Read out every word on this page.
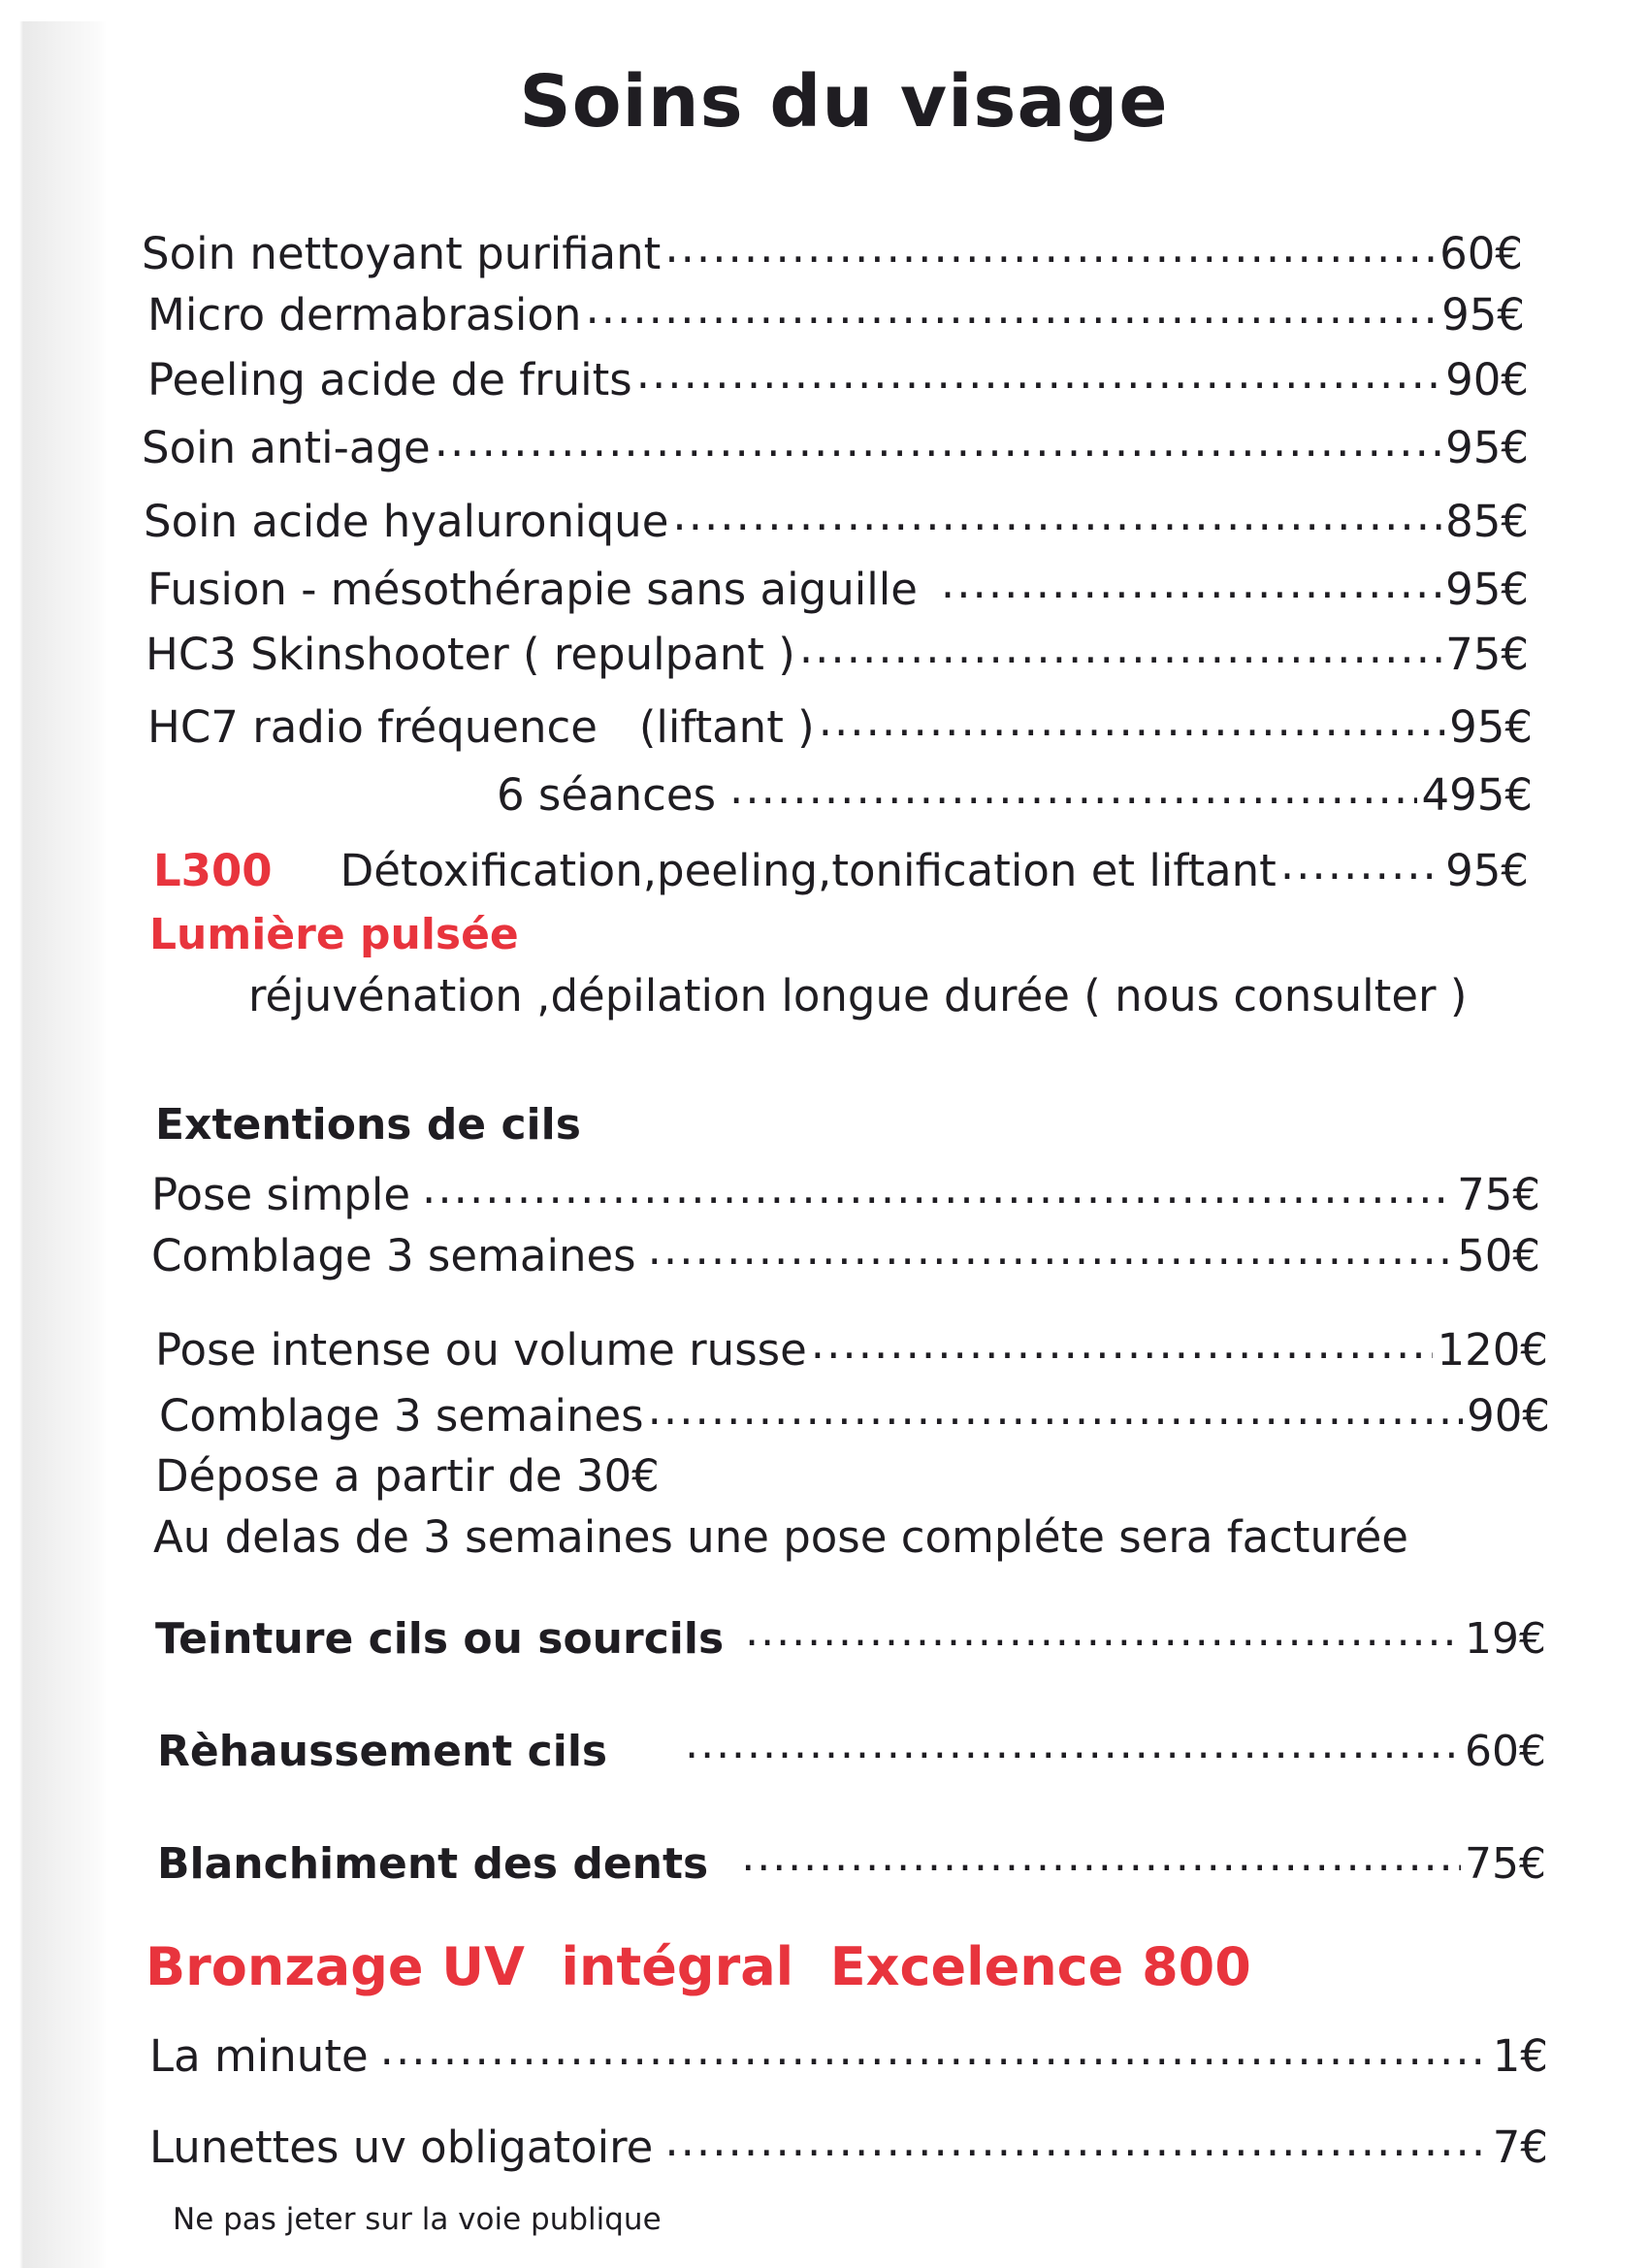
Soins du visage
Soin nettoyant purifiant .....	60€
Micro dermabrasion .....	95€
Peeling acide de fruits .....	90€
Soin anti-age .....	95€
Soin acide hyaluronique .....	85€
Fusion - mésothérapie sans aiguille .....	95€
HC3 Skinshooter ( repulpant ) .....	75€
HC7 radio fréquence   (liftant ) .....	95€
6 séances .....	495€
L300 Détoxification,peeling,tonification et liftant .....	95€
Lumière pulsée
réjuvénation ,dépilation longue durée ( nous consulter )
Extentions de cils
Pose simple .....	75€
Comblage 3 semaines .....	50€
Pose intense ou volume russe .....	120€
Comblage 3 semaines .....	90€
Dépose a partir de 30€
Au delas de 3 semaines une pose compléte sera facturée
Teinture cils ou sourcils .....	19€
Rèhaussement cils .....	60€
Blanchiment des dents .....	75€
Bronzage UV  intégral  Excelence 800
La minute .....	1€
Lunettes uv obligatoire .....	7€
Ne pas jeter sur la voie publique
